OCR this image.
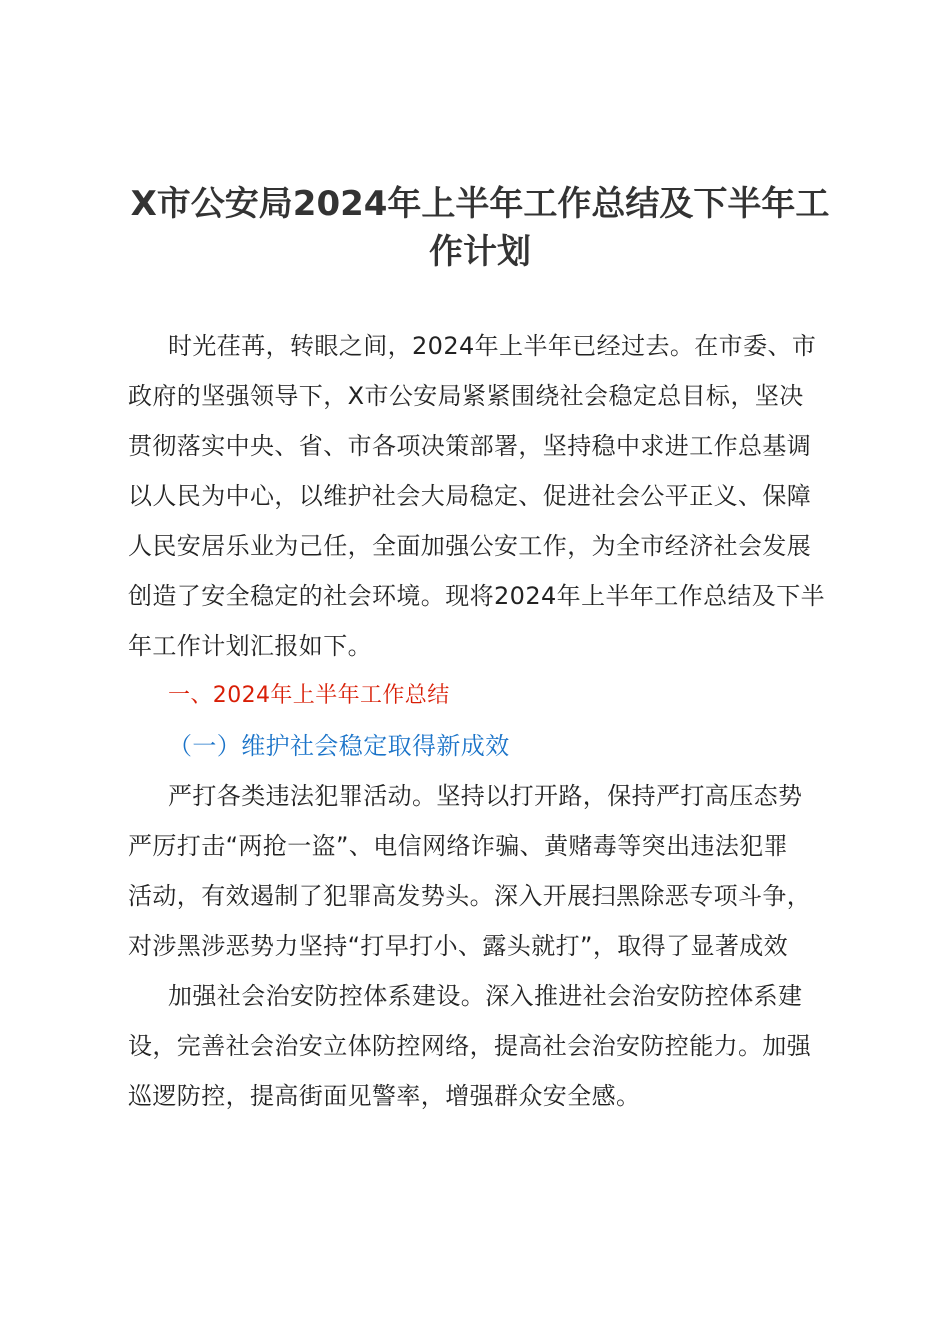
X市公安局2024年上半年工作总结及下半年工
作计划
时光荏苒，转眼之间，2024年上半年已经过去。在市委、市
政府的坚强领导下，X市公安局紧紧围绕社会稳定总目标，坚决
贯彻落实中央、省、市各项决策部署，坚持稳中求进工作总基调
以人民为中心，以维护社会大局稳定、促进社会公平正义、保障
人民安居乐业为己任，全面加强公安工作，为全市经济社会发展
创造了安全稳定的社会环境。现将2024年上半年工作总结及下半
年工作计划汇报如下。
一、2024年上半年工作总结
（一）维护社会稳定取得新成效
严打各类违法犯罪活动。坚持以打开路，保持严打高压态势
严厉打击“两抢一盗”、电信网络诈骗、黄赌毒等突出违法犯罪
活动，有效遏制了犯罪高发势头。深入开展扫黑除恶专项斗争，
对涉黑涉恶势力坚持“打早打小、露头就打”，取得了显著成效
加强社会治安防控体系建设。深入推进社会治安防控体系建
设，完善社会治安立体防控网络，提高社会治安防控能力。加强
巡逻防控，提高街面见警率，增强群众安全感。
